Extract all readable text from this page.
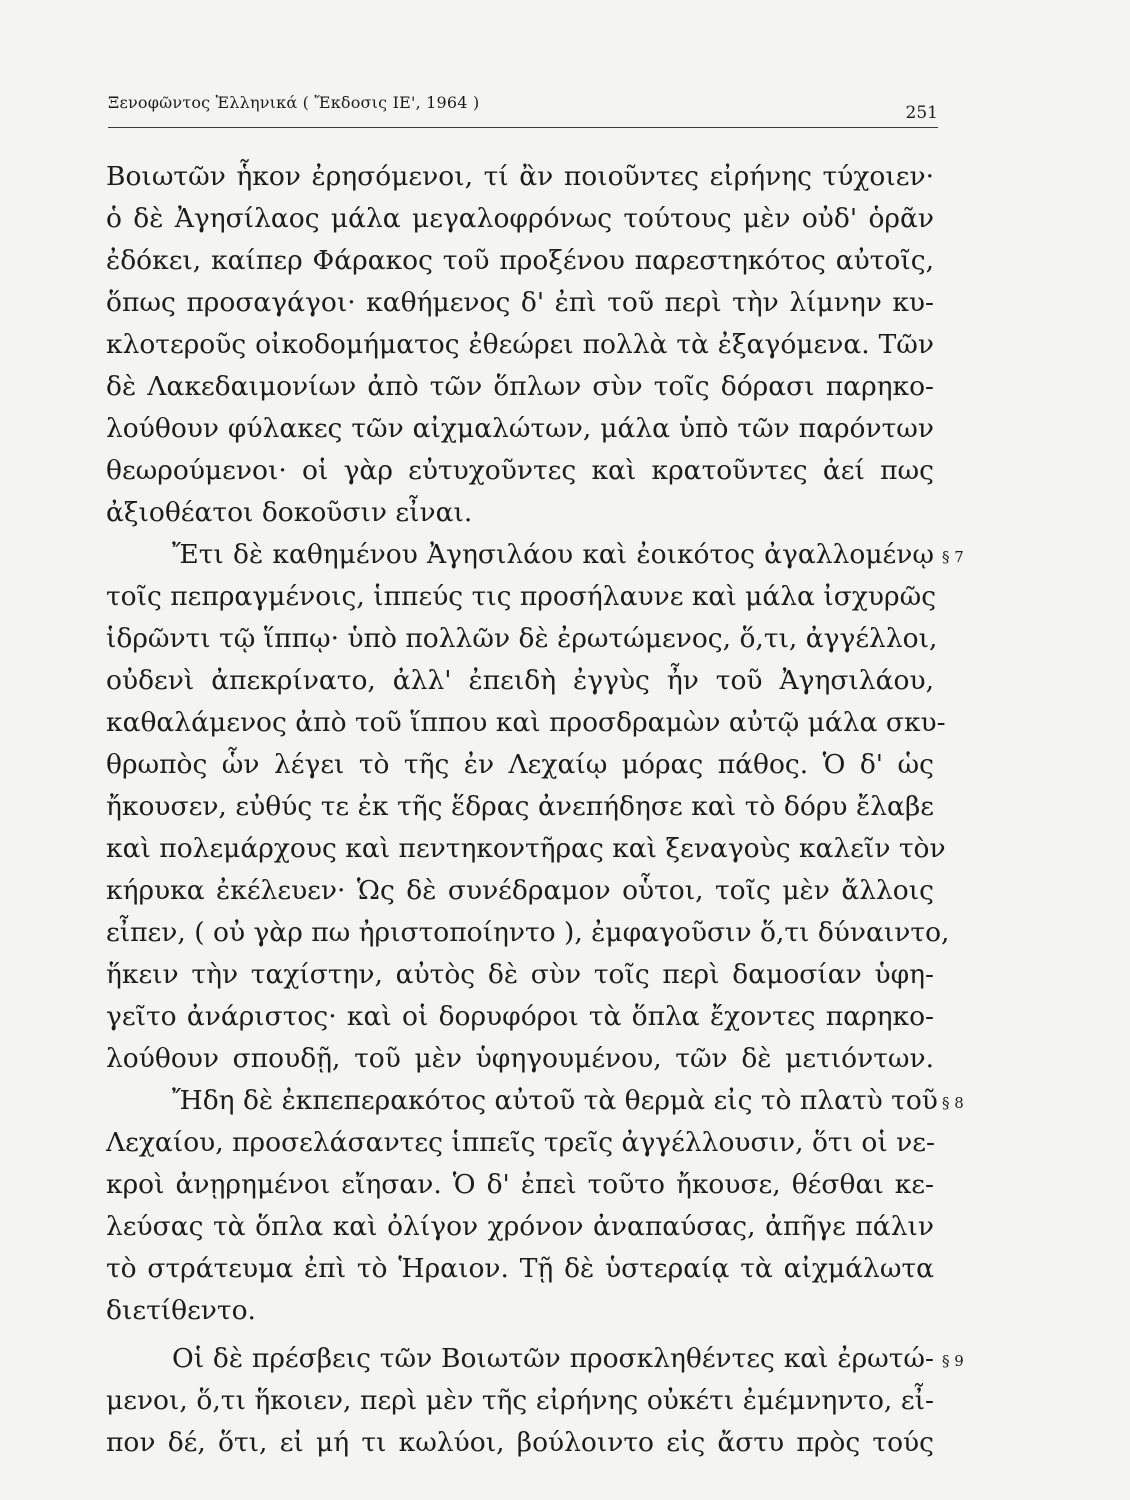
Ξενοφῶντος Ἑλληνικά ( Ἔκδοσις ΙΕ', 1964 )
251
Βοιωτῶν ἧκον ἐρησόμενοι, τί ἂν ποιοῦντες εἰρήνης τύχοιεν·
ὁ δὲ Ἀγησίλαος μάλα μεγαλοφρόνως τούτους μὲν οὐδ' ὁρᾶν
ἐδόκει, καίπερ Φάρακος τοῦ προξένου παρεστηκότος αὐτοῖς,
ὅπως προσαγάγοι· καθήμενος δ' ἐπὶ τοῦ περὶ τὴν λίμνην κυ-
κλοτεροῦς οἰκοδομήματος ἐθεώρει πολλὰ τὰ ἐξαγόμενα. Τῶν
δὲ Λακεδαιμονίων ἀπὸ τῶν ὅπλων σὺν τοῖς δόρασι παρηκο-
λούθουν φύλακες τῶν αἰχμαλώτων, μάλα ὑπὸ τῶν παρόντων
θεωρούμενοι· οἱ γὰρ εὐτυχοῦντες καὶ κρατοῦντες ἀεί πως
ἀξιοθέατοι δοκοῦσιν εἶναι.
Ἔτι δὲ καθημένου Ἀγησιλάου καὶ ἐοικότος ἀγαλλομένῳ
τοῖς πεπραγμένοις, ἱππεύς τις προσήλαυνε καὶ μάλα ἰσχυρῶς
ἱδρῶντι τῷ ἵππῳ· ὑπὸ πολλῶν δὲ ἐρωτώμενος, ὅ,τι, ἀγγέλλοι,
οὐδενὶ ἀπεκρίνατο, ἀλλ' ἐπειδὴ ἐγγὺς ἦν τοῦ Ἀγησιλάου,
καθαλάμενος ἀπὸ τοῦ ἵππου καὶ προσδραμὼν αὐτῷ μάλα σκυ-
θρωπὸς ὧν λέγει τὸ τῆς ἐν Λεχαίῳ μόρας πάθος. Ὁ δ' ὡς
ἤκουσεν, εὐθύς τε ἐκ τῆς ἕδρας ἀνεπήδησε καὶ τὸ δόρυ ἔλαβε
καὶ πολεμάρχους καὶ πεντηκοντῆρας καὶ ξεναγοὺς καλεῖν τὸν
κήρυκα ἐκέλευεν· Ὡς δὲ συνέδραμον οὗτοι, τοῖς μὲν ἄλλοις
εἶπεν, ( οὐ γὰρ πω ἠριστοποίηντο ), ἐμφαγοῦσιν ὅ,τι δύναιντο,
ἥκειν τὴν ταχίστην, αὐτὸς δὲ σὺν τοῖς περὶ δαμοσίαν ὑφη-
γεῖτο ἀνάριστος· καὶ οἱ δορυφόροι τὰ ὅπλα ἔχοντες παρηκο-
λούθουν σπουδῇ, τοῦ μὲν ὑφηγουμένου, τῶν δὲ μετιόντων.
Ἤδη δὲ ἐκπεπερακότος αὐτοῦ τὰ θερμὰ εἰς τὸ πλατὺ τοῦ
Λεχαίου, προσελάσαντες ἱππεῖς τρεῖς ἀγγέλλουσιν, ὅτι οἱ νε-
κροὶ ἀνῃρημένοι εἴησαν. Ὁ δ' ἐπεὶ τοῦτο ἤκουσε, θέσθαι κε-
λεύσας τὰ ὅπλα καὶ ὀλίγον χρόνον ἀναπαύσας, ἀπῆγε πάλιν
τὸ στράτευμα ἐπὶ τὸ Ἡραιον. Τῇ δὲ ὑστεραίᾳ τὰ αἰχμάλωτα
διετίθεντο.
Οἱ δὲ πρέσβεις τῶν Βοιωτῶν προσκληθέντες καὶ ἐρωτώ-
μενοι, ὅ,τι ἥκοιεν, περὶ μὲν τῆς εἰρήνης οὐκέτι ἐμέμνηντο, εἶ-
πον δέ, ὅτι, εἰ μή τι κωλύοι, βούλοιντο εἰς ἄστυ πρὸς τούς
§ 7
§ 8
§ 9
